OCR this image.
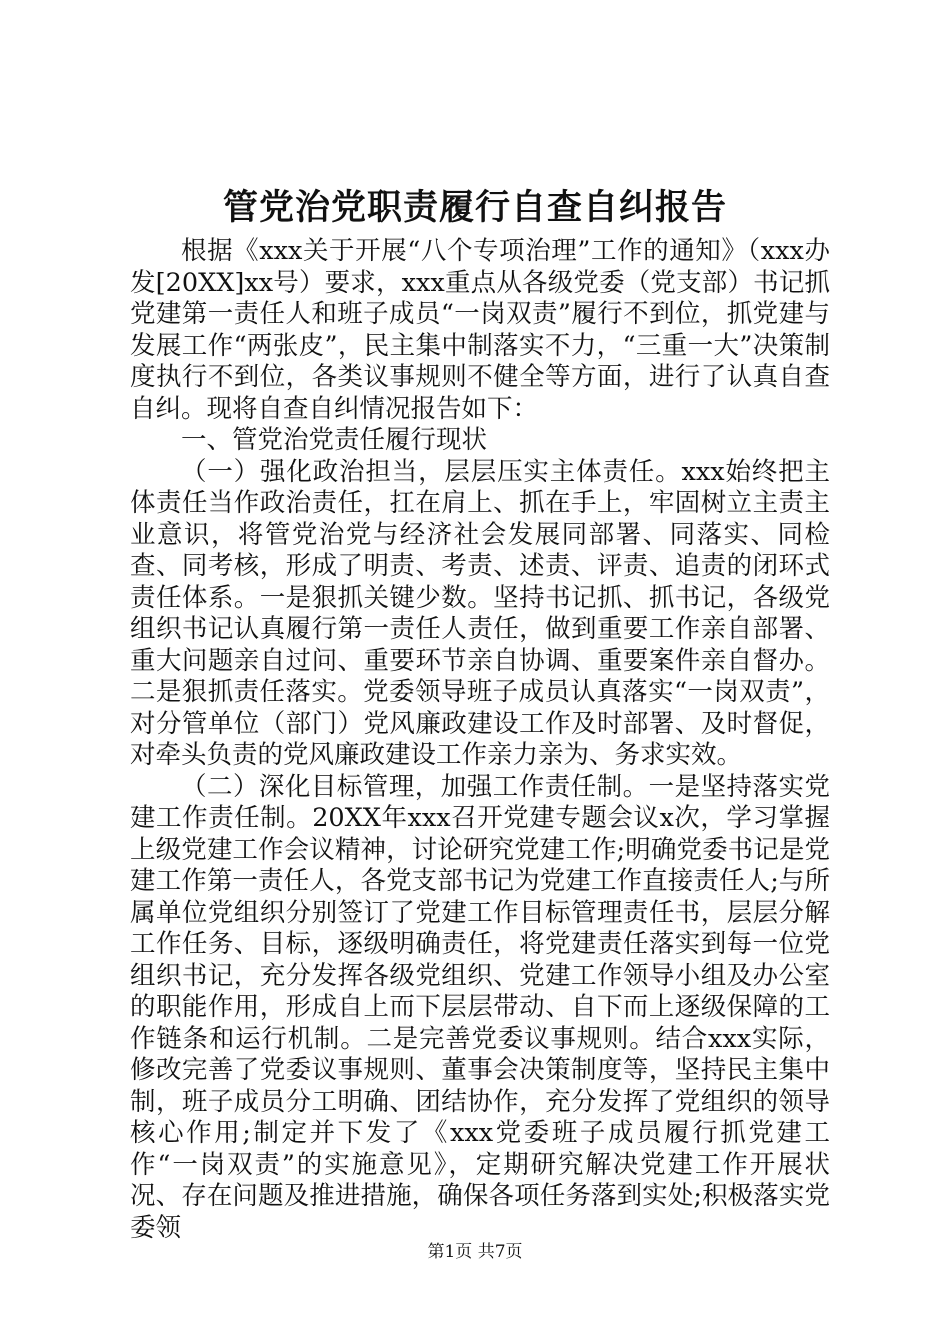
管党治党职责履行自查自纠报告

根据《xxx关于开展“八个专项治理”工作的通知》（xxx办发[20XX]xx号）要求，xxx重点从各级党委（党支部）书记抓党建第一责任人和班子成员“一岗双责”履行不到位，抓党建与发展工作“两张皮”，民主集中制落实不力，“三重一大”决策制度执行不到位，各类议事规则不健全等方面，进行了认真自查自纠。现将自查自纠情况报告如下：

一、管党治党责任履行现状

（一）强化政治担当，层层压实主体责任。xxx始终把主体责任当作政治责任，扛在肩上、抓在手上，牢固树立主责主业意识，将管党治党与经济社会发展同部署、同落实、同检查、同考核，形成了明责、考责、述责、评责、追责的闭环式责任体系。一是狠抓关键少数。坚持书记抓、抓书记，各级党组织书记认真履行第一责任人责任，做到重要工作亲自部署、重大问题亲自过问、重要环节亲自协调、重要案件亲自督办。二是狠抓责任落实。党委领导班子成员认真落实“一岗双责”，对分管单位（部门）党风廉政建设工作及时部署、及时督促，对牵头负责的党风廉政建设工作亲力亲为、务求实效。

（二）深化目标管理，加强工作责任制。一是坚持落实党建工作责任制。20XX年xxx召开党建专题会议x次，学习掌握上级党建工作会议精神，讨论研究党建工作;明确党委书记是党建工作第一责任人，各党支部书记为党建工作直接责任人;与所属单位党组织分别签订了党建工作目标管理责任书，层层分解工作任务、目标，逐级明确责任，将党建责任落实到每一位党组织书记，充分发挥各级党组织、党建工作领导小组及办公室的职能作用，形成自上而下层层带动、自下而上逐级保障的工作链条和运行机制。二是完善党委议事规则。结合xxx实际，修改完善了党委议事规则、董事会决策制度等，坚持民主集中制，班子成员分工明确、团结协作，充分发挥了党组织的领导核心作用;制定并下发了《xxx党委班子成员履行抓党建工作“一岗双责”的实施意见》，定期研究解决党建工作开展状况、存在问题及推进措施，确保各项任务落到实处;积极落实党委领

第1页 共7页
